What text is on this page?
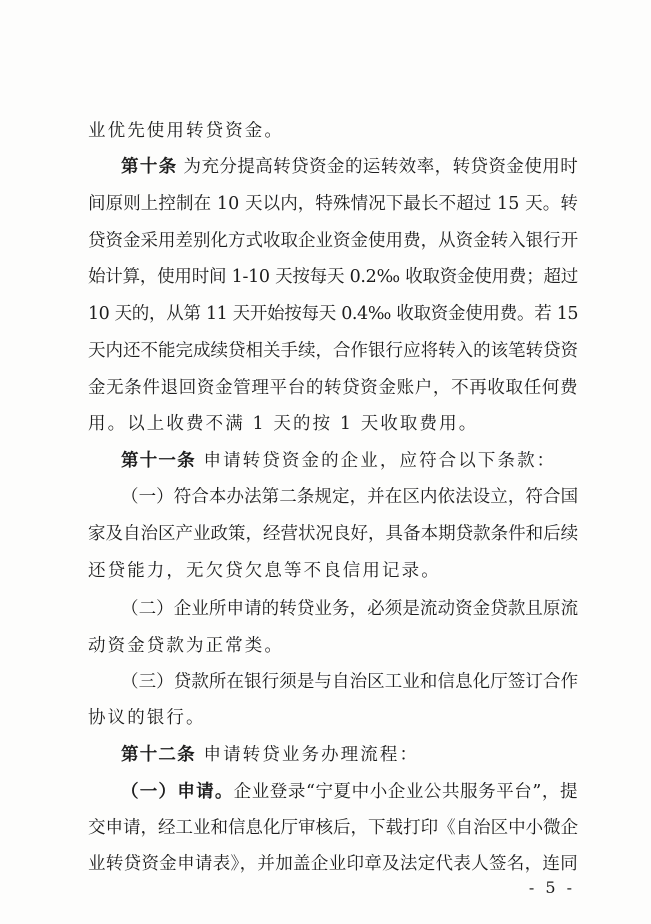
业优先使用转贷资金。
第十条 为充分提高转贷资金的运转效率，转贷资金使用时
间原则上控制在 10 天以内，特殊情况下最长不超过 15 天。转
贷资金采用差别化方式收取企业资金使用费，从资金转入银行开
始计算，使用时间 1-10 天按每天 0.2‰ 收取资金使用费；超过
10 天的，从第 11 天开始按每天 0.4‰ 收取资金使用费。若 15
天内还不能完成续贷相关手续，合作银行应将转入的该笔转贷资
金无条件退回资金管理平台的转贷资金账户，不再收取任何费
用。以上收费不满 1 天的按 1 天收取费用。
第十一条 申请转贷资金的企业，应符合以下条款：
（一）符合本办法第二条规定，并在区内依法设立，符合国
家及自治区产业政策，经营状况良好，具备本期贷款条件和后续
还贷能力，无欠贷欠息等不良信用记录。
（二）企业所申请的转贷业务，必须是流动资金贷款且原流
动资金贷款为正常类。
（三）贷款所在银行须是与自治区工业和信息化厅签订合作
协议的银行。
第十二条 申请转贷业务办理流程：
（一）申请。企业登录“宁夏中小企业公共服务平台”，提
交申请，经工业和信息化厅审核后，下载打印《自治区中小微企
业转贷资金申请表》，并加盖企业印章及法定代表人签名，连同
- 5 -
